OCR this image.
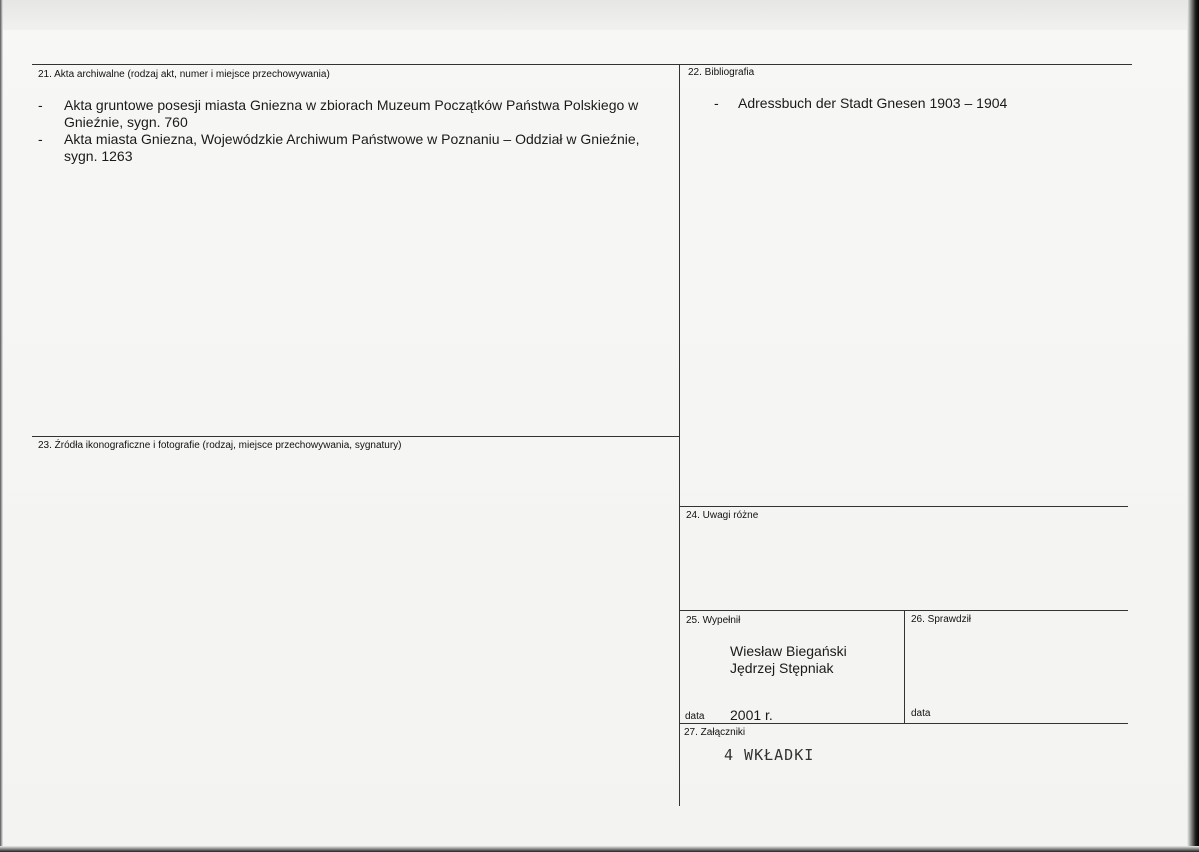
21. Akta archiwalne (rodzaj akt, numer i miejsce przechowywania)
- Akta gruntowe posesji miasta Gniezna w zbiorach Muzeum Początków Państwa Polskiego w Gnieźnie, sygn. 760
- Akta miasta Gniezna, Wojewódzkie Archiwum Państwowe w Poznaniu – Oddział w Gnieźnie, sygn. 1263
22. Bibliografia
- Adressbuch der Stadt Gnesen 1903 – 1904
23. Źródła ikonograficzne i fotografie (rodzaj, miejsce przechowywania, sygnatury)
24. Uwagi różne
25. Wypełnił
Wiesław Biegański
Jędrzej Stępniak
data 2001 r.
26. Sprawdził
data
27. Załączniki
4 WKŁADKI
